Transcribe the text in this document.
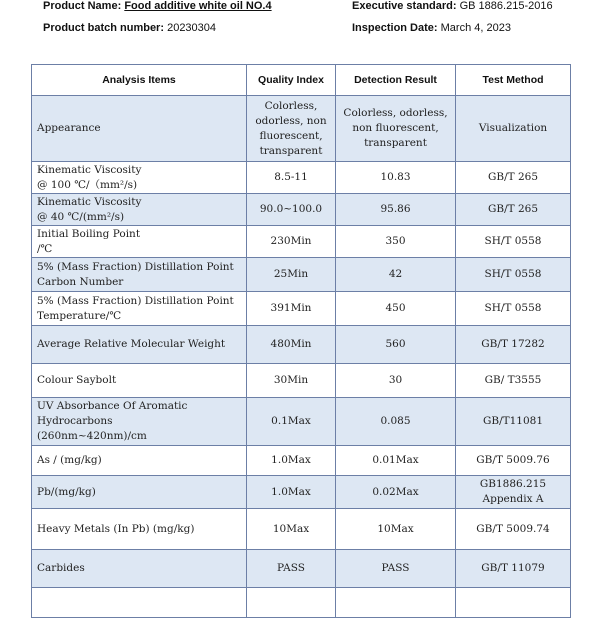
Product Name: Food additive white oil NO.4	Executive standard: GB 1886.215-2016
Product batch number: 20230304	Inspection Date: March 4, 2023
Analysis Items	Quality Index	Detection Result	Test Method
Appearance	Colorless,
odorless, non
fluorescent,
transparent	Colorless, odorless,
non fluorescent,
transparent	Visualization
Kinematic Viscosity
@ 100 ℃/（mm²/s)	8.5-11	10.83	GB/T 265
Kinematic Viscosity
@ 40 ℃/(mm²/s)	90.0~100.0	95.86	GB/T 265
Initial Boiling Point
/℃	230Min	350	SH/T 0558
5% (Mass Fraction) Distillation Point
Carbon Number	25Min	42	SH/T 0558
5% (Mass Fraction) Distillation Point
Temperature/℃	391Min	450	SH/T 0558
Average Relative Molecular Weight	480Min	560	GB/T 17282
Colour Saybolt	30Min	30	GB/ T3555
UV Absorbance Of Aromatic
Hydrocarbons
(260nm~420nm)/cm	0.1Max	0.085	GB/T11081
As / (mg/kg)	1.0Max	0.01Max	GB/T 5009.76
Pb/(mg/kg)	1.0Max	0.02Max	GB1886.215
Appendix A
Heavy Metals (In Pb) (mg/kg)	10Max	10Max	GB/T 5009.74
Carbides	PASS	PASS	GB/T 11079
